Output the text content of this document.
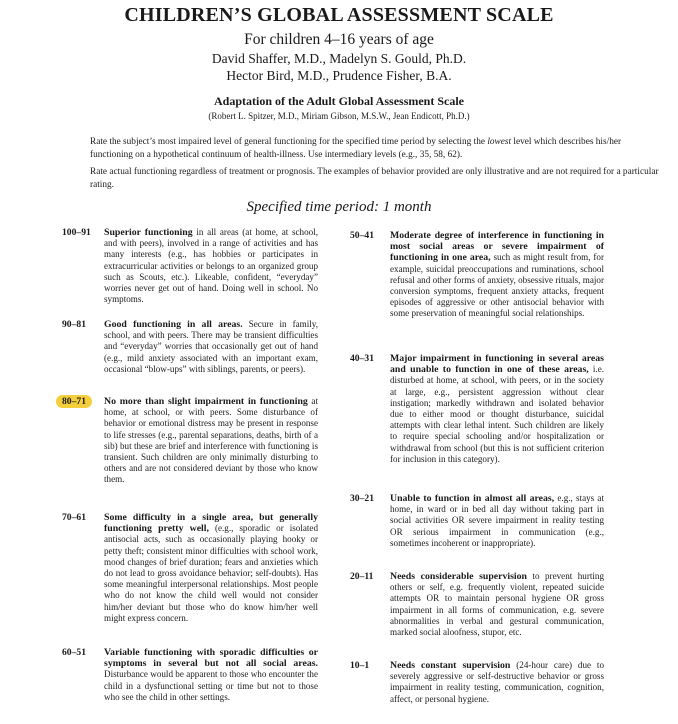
CHILDREN’S GLOBAL ASSESSMENT SCALE
For children 4–16 years of age
David Shaffer, M.D., Madelyn S. Gould, Ph.D.
Hector Bird, M.D., Prudence Fisher, B.A.
Adaptation of the Adult Global Assessment Scale
(Robert L. Spitzer, M.D., Miriam Gibson, M.S.W., Jean Endicott, Ph.D.)
Rate the subject’s most impaired level of general functioning for the specified time period by selecting the lowest level which describes his/her functioning on a hypothetical continuum of health-illness. Use intermediary levels (e.g., 35, 58, 62).
Rate actual functioning regardless of treatment or prognosis. The examples of behavior provided are only illustrative and are not required for a particular rating.
Specified time period: 1 month
100–91 Superior functioning in all areas (at home, at school, and with peers), involved in a range of activities and has many interests (e.g., has hobbies or participates in extracurricular activities or belongs to an organized group such as Scouts, etc.). Likeable, confident, “everyday” worries never get out of hand. Doing well in school. No symptoms.
90–81 Good functioning in all areas. Secure in family, school, and with peers. There may be transient difficulties and “everyday” worries that occasionally get out of hand (e.g., mild anxiety associated with an important exam, occasional “blow-ups” with siblings, parents, or peers).
80–71	No more than slight impairment in functioning at home, at school, or with peers. Some disturbance of behavior or emotional distress may be present in response to life stresses (e.g., parental separations, deaths, birth of a sib) but these are brief and interference with functioning is transient. Such children are only minimally disturbing to others and are not considered deviant by those who know them.
70–61 Some difficulty in a single area, but generally functioning pretty well, (e.g., sporadic or isolated antisocial acts, such as occasionally playing hooky or petty theft; consistent minor difficulties with school work, mood changes of brief duration; fears and anxieties which do not lead to gross avoidance behavior; self-doubts). Has some meaningful interpersonal relationships. Most people who do not know the child well would not consider him/her deviant but those who do know him/her well might express concern.
60–51 Variable functioning with sporadic difficulties or symptoms in several but not all social areas. Disturbance would be apparent to those who encounter the child in a dysfunctional setting or time but not to those who see the child in other settings.
50–41 Moderate degree of interference in functioning in most social areas or severe impairment of functioning in one area, such as might result from, for example, suicidal preoccupations and ruminations, school refusal and other forms of anxiety, obsessive rituals, major conversion symptoms, frequent anxiety attacks, frequent episodes of aggressive or other antisocial behavior with some preservation of meaningful social relationships.
40–31 Major impairment in functioning in several areas and unable to function in one of these areas, i.e. disturbed at home, at school, with peers, or in the society at large, e.g., persistent aggression without clear instigation; markedly withdrawn and isolated behavior due to either mood or thought disturbance, suicidal attempts with clear lethal intent. Such children are likely to require special schooling and/or hospitalization or withdrawal from school (but this is not sufficient criterion for inclusion in this category).
30–21 Unable to function in almost all areas, e.g., stays at home, in ward or in bed all day without taking part in social activities OR severe impairment in reality testing OR serious impairment in communication (e.g., sometimes incoherent or inappropriate).
20–11 Needs considerable supervision to prevent hurting others or self, e.g. frequently violent, repeated suicide attempts OR to maintain personal hygiene OR gross impairment in all forms of communication, e.g. severe abnormalities in verbal and gestural communication, marked social aloofness, stupor, etc.
10–1 Needs constant supervision (24-hour care) due to severely aggressive or self-destructive behavior or gross impairment in reality testing, communication, cognition, affect, or personal hygiene.
